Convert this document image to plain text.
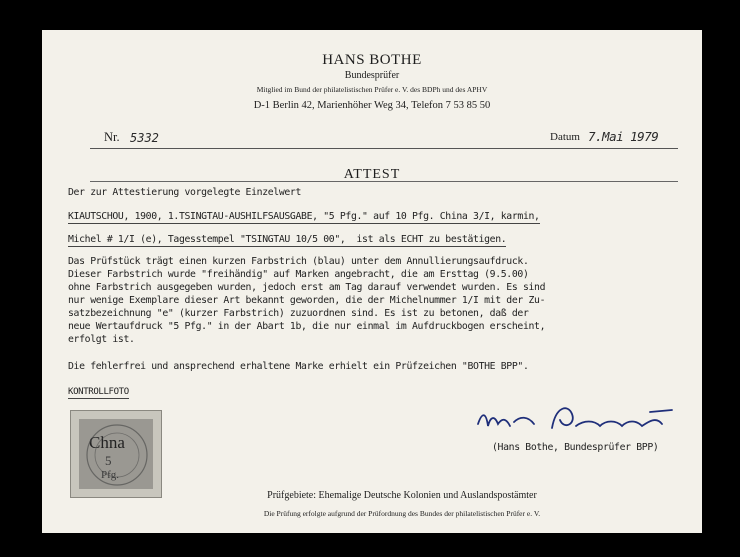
HANS BOTHE
Bundesprüfer
Mitglied im Bund der philatelistischen Prüfer e. V. des BDPh und des APHV
D-1 Berlin 42, Marienhöher Weg 34, Telefon 7 53 85 50
Nr. 5332	Datum 7.Mai 1979
ATTEST
Der zur Attestierung vorgelegte Einzelwert
KIAUTSCHOU, 1900, 1.TSINGTAU-AUSHILFSAUSGABE, "5 Pfg." auf 10 Pfg. China 3/I, karmin,
Michel # 1/I (e), Tagesstempel "TSINGTAU 10/5 00",  ist als ECHT zu bestätigen.
Das Prüfstück trägt einen kurzen Farbstrich (blau) unter dem Annullierungsaufdruck.
Dieser Farbstrich wurde "freihändig" auf Marken angebracht, die am Ersttag (9.5.00)
ohne Farbstrich ausgegeben wurden, jedoch erst am Tag darauf verwendet wurden. Es sind
nur wenige Exemplare dieser Art bekannt geworden, die der Michelnummer 1/I mit der Zu-
satzbezeichnung "e" (kurzer Farbstrich) zuzuordnen sind. Es ist zu betonen, daß der
neue Wertaufdruck "5 Pfg." in der Abart 1b, die nur einmal im Aufdruckbogen erscheint,
erfolgt ist.
Die fehlerfrei und ansprechend erhaltene Marke erhielt ein Prüfzeichen "BOTHE BPP".
KONTROLLFOTO
Chna
5
Pfg.
(Hans Bothe, Bundesprüfer BPP)
Prüfgebiete: Ehemalige Deutsche Kolonien und Auslandspostämter
Die Prüfung erfolgte aufgrund der Prüfordnung des Bundes der philatelistischen Prüfer e. V.
